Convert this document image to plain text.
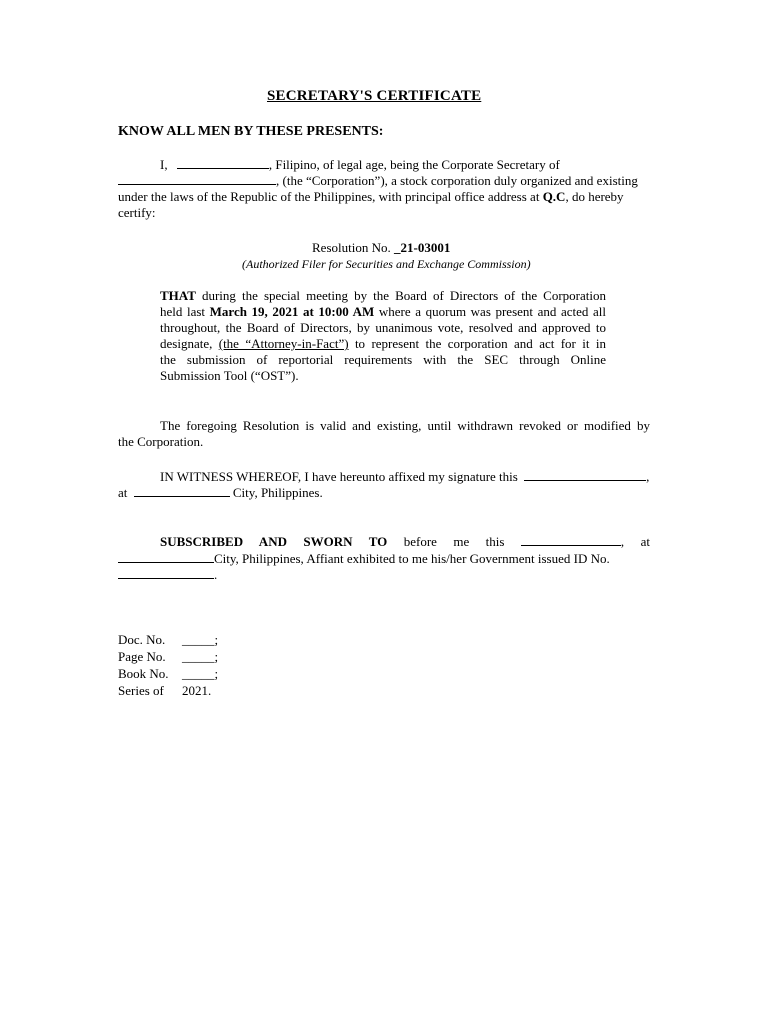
SECRETARY'S CERTIFICATE
KNOW ALL MEN BY THESE PRESENTS:
I,	, Filipino, of legal age, being the Corporate Secretary of
, (the “Corporation”), a stock corporation duly organized and existing
under the laws of the Republic of the Philippines, with principal office address at Q.C, do hereby
certify:
Resolution No. _21-03001
(Authorized Filer for Securities and Exchange Commission)
THAT during the special meeting by the Board of Directors of the Corporation
held last March 19, 2021 at 10:00 AM where a quorum was present and acted all
throughout, the Board of Directors, by unanimous vote, resolved and approved to
designate, (the “Attorney-in-Fact”) to represent the corporation and act for it in
the submission of reportorial requirements with the SEC through Online
Submission Tool (“OST”).
The foregoing Resolution is valid and existing, until withdrawn revoked or modified by
the Corporation.
IN WITNESS WHEREOF, I have hereunto affixed my signature this	,
at	City, Philippines.
SUBSCRIBED AND SWORN TO before me this	, at
City, Philippines, Affiant exhibited to me his/her Government issued ID No.
.
Doc. No. _____;
Page No. _____;
Book No. _____;
Series of 2021.
